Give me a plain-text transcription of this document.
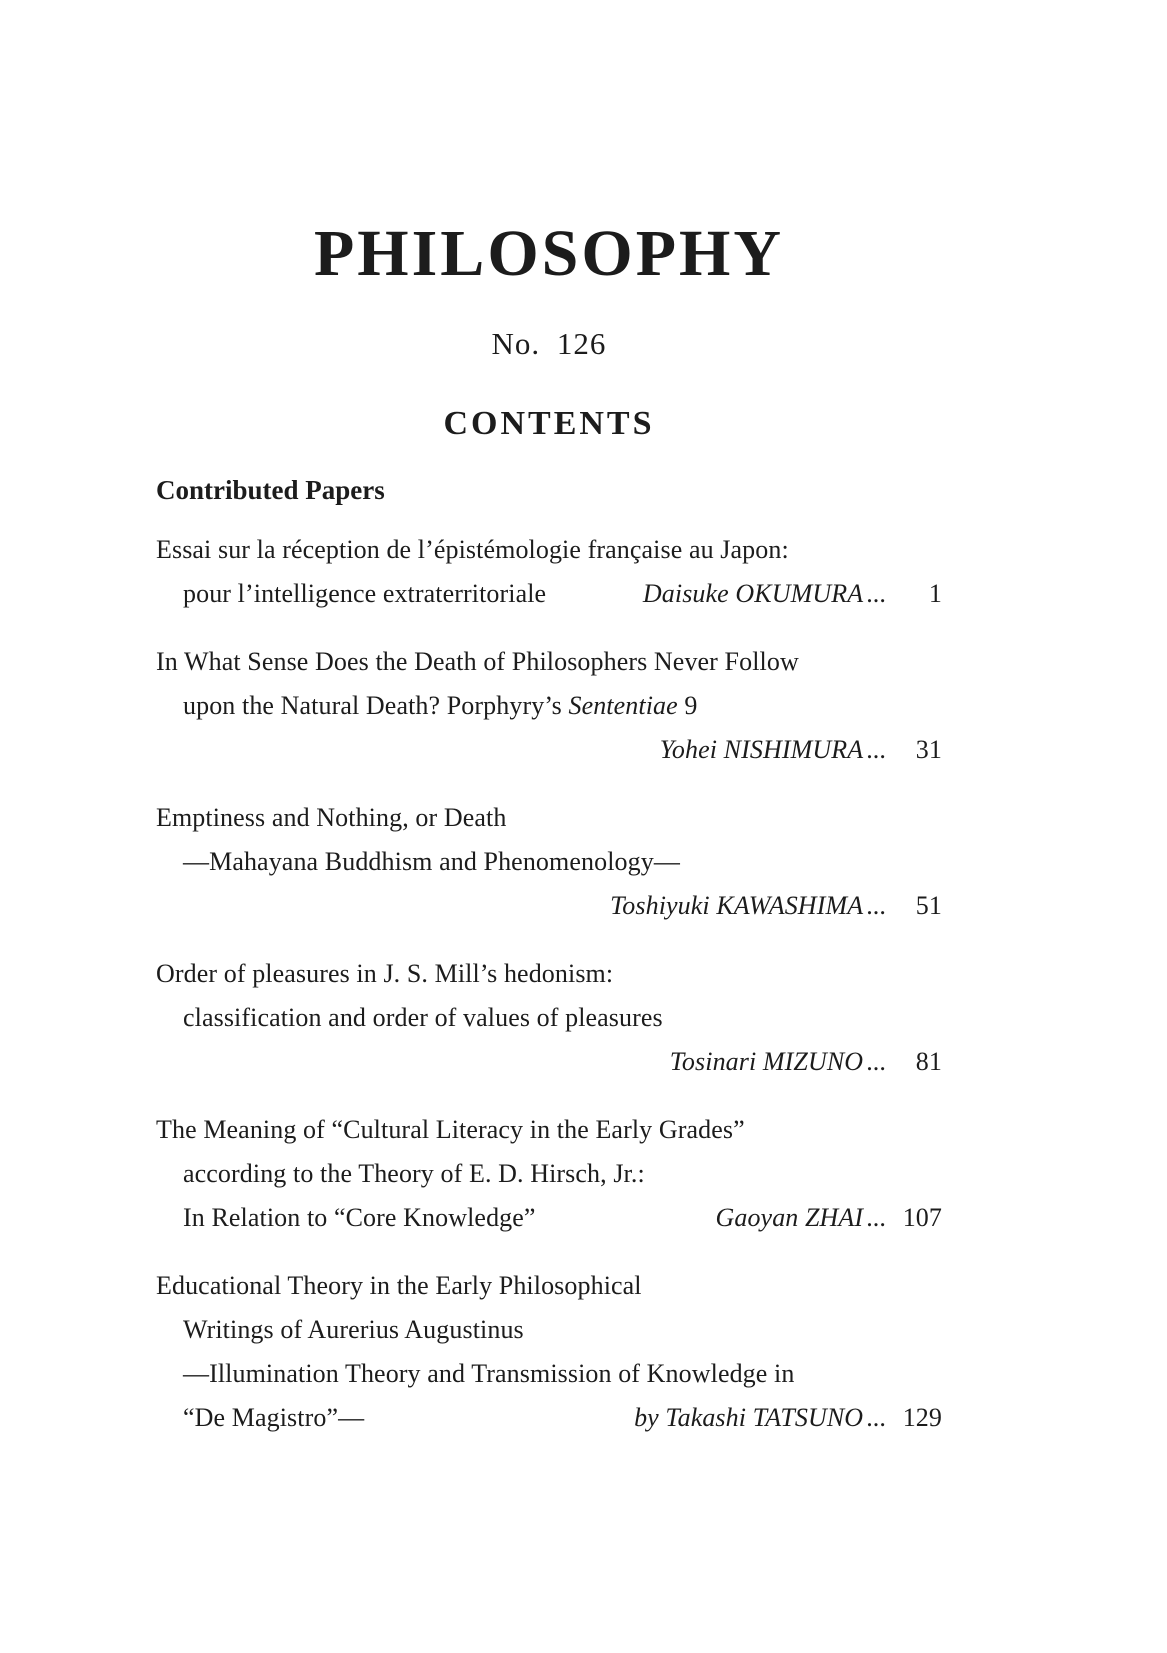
PHILOSOPHY
No. 126
CONTENTS
Contributed Papers
Essai sur la réception de l’épistémologie française au Japon:
pour l’intelligence extraterritoriale	Daisuke OKUMURA ...	1
In What Sense Does the Death of Philosophers Never Follow
upon the Natural Death? Porphyry’s Sententiae 9
Yohei NISHIMURA ...	31
Emptiness and Nothing, or Death
—Mahayana Buddhism and Phenomenology—
Toshiyuki KAWASHIMA ...	51
Order of pleasures in J. S. Mill’s hedonism:
classification and order of values of pleasures
Tosinari MIZUNO ...	81
The Meaning of “Cultural Literacy in the Early Grades”
according to the Theory of E. D. Hirsch, Jr.:
In Relation to “Core Knowledge”	Gaoyan ZHAI ... 107
Educational Theory in the Early Philosophical
Writings of Aurerius Augustinus
—Illumination Theory and Transmission of Knowledge in
“De Magistro”—	by Takashi TATSUNO ... 129
